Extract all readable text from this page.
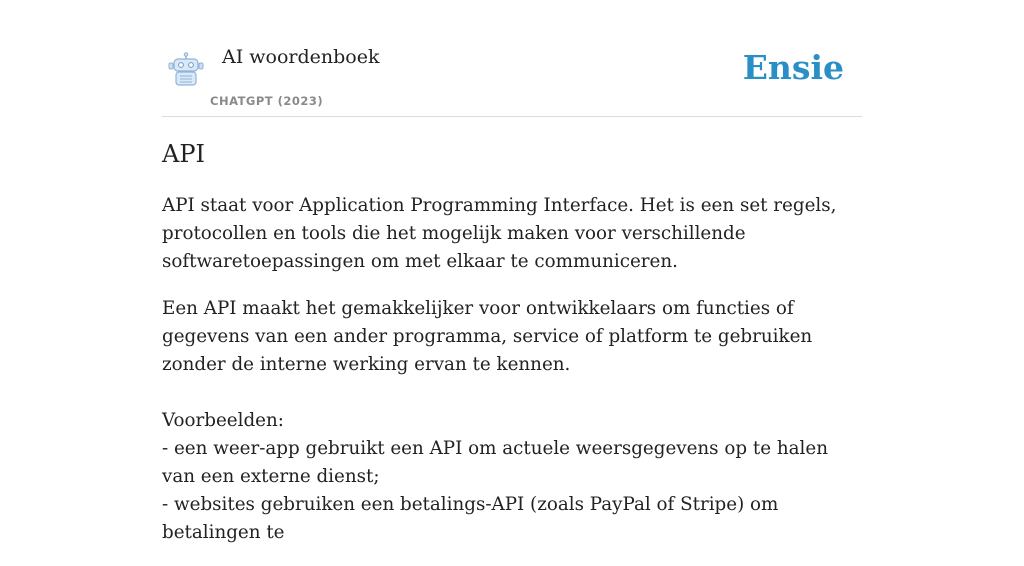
AI woordenboek
CHATGPT (2023)
Ensie
API

API staat voor Application Programming Interface. Het is een set regels, protocollen en tools die het mogelijk maken voor verschillende softwaretoepassingen om met elkaar te communiceren.

Een API maakt het gemakkelijker voor ontwikkelaars om functies of gegevens van een ander programma, service of platform te gebruiken zonder de interne werking ervan te kennen.

Voorbeelden:
- een weer-app gebruikt een API om actuele weersgegevens op te halen van een externe dienst;
- websites gebruiken een betalings-API (zoals PayPal of Stripe) om betalingen te
